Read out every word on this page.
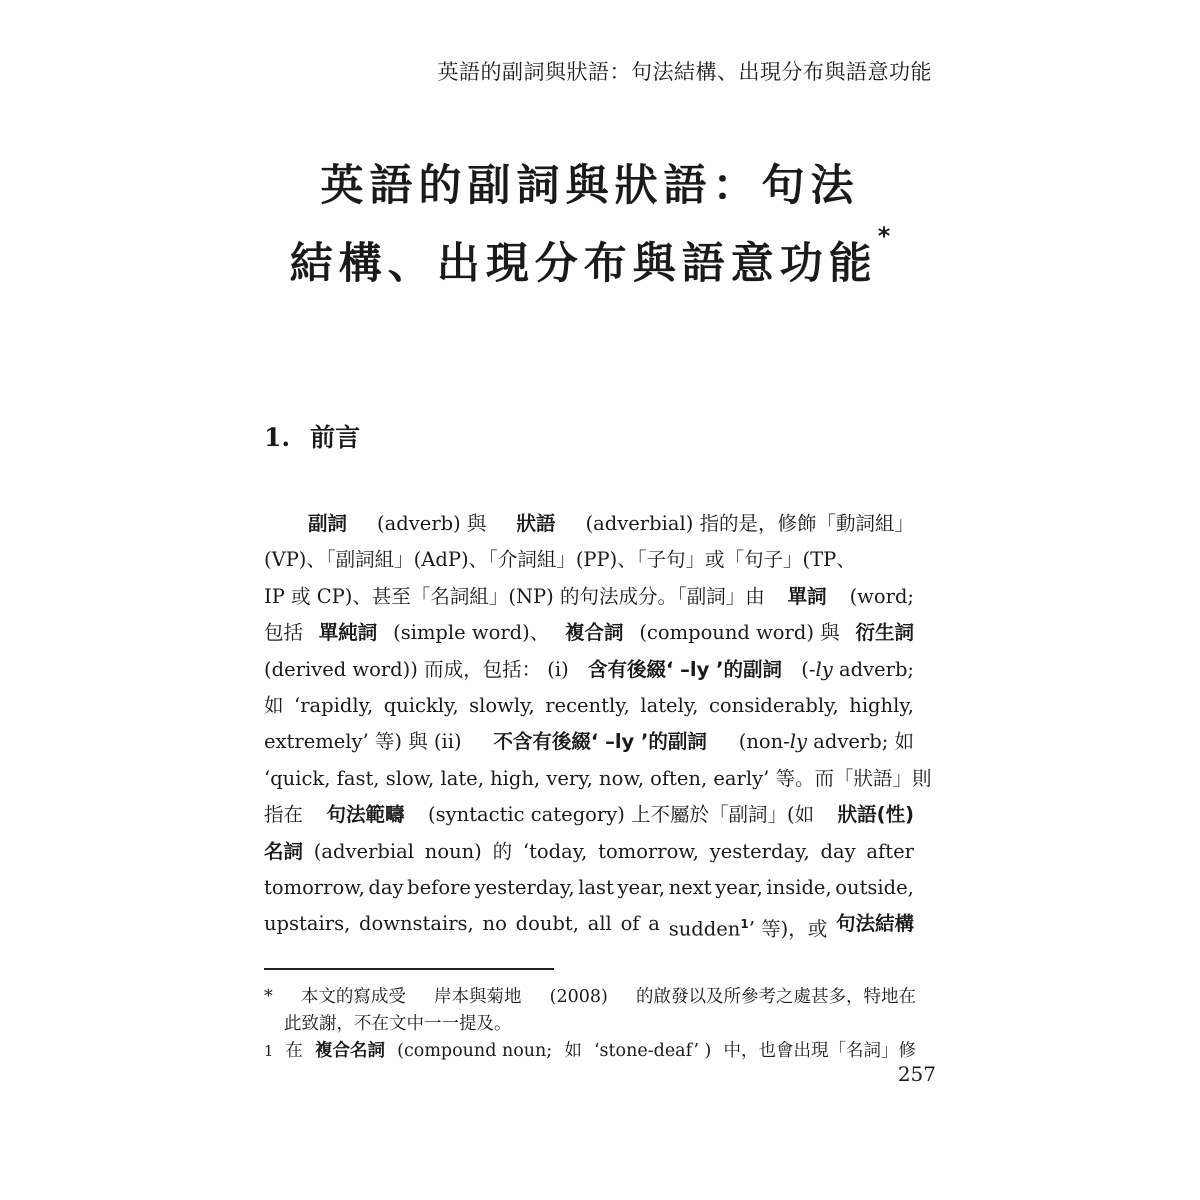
英語的副詞與狀語：句法結構、出現分布與語意功能
英語的副詞與狀語：句法
結構、出現分布與語意功能*
1. 前言
副詞 (adverb) 與 狀語 (adverbial) 指的是，修飾「動詞組」
(VP)、「副詞組」(AdP)、「介詞組」(PP)、「子句」或「句子」(TP、
IP 或 CP)、甚至「名詞組」(NP) 的句法成分。「副詞」由 單詞 (word;
包括 單純詞 (simple word)、 複合詞 (compound word) 與 衍生詞
(derived word)) 而成，包括： (i) 含有後綴‘ –ly ’的副詞 (-ly adverb;
如 ‘rapidly, quickly, slowly, recently, lately, considerably, highly,
extremely’ 等) 與 (ii) 不含有後綴‘ –ly ’的副詞 (non-ly adverb; 如
‘quick, fast, slow, late, high, very, now, often, early’ 等。而「狀語」則
指在 句法範疇 (syntactic category) 上不屬於「副詞」(如 狀語(性)
名詞 (adverbial noun) 的 ‘today, tomorrow, yesterday, day after
tomorrow, day before yesterday, last year, next year, inside, outside,
upstairs, downstairs, no doubt, all of a sudden$^1$’ 等)，或 句法結構
* 本文的寫成受 岸本與菊地 (2008) 的啟發以及所參考之處甚多，特地在
此致謝，不在文中一一提及。
$^1$ 在 複合名詞 (compound noun; 如 ‘stone-deaf’ ) 中，也會出現「名詞」修
257
